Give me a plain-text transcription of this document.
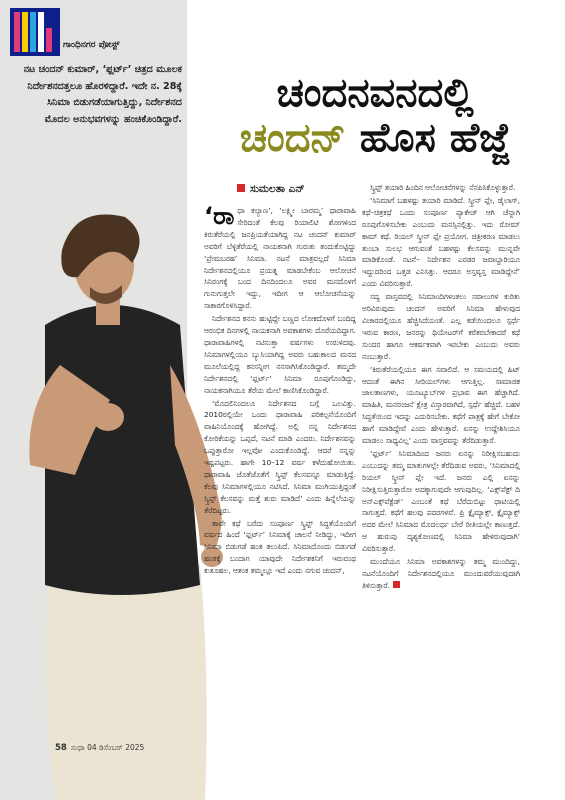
ಗಾಂಧಿನಗರ ಪೋಸ್ಟ್

ನಟ ಚಂದನ್ ಕುಮಾರ್, ‘ಫ್ಲರ್ಟ್’ ಚಿತ್ರದ ಮೂಲಕ ನಿರ್ದೇಶನದತ್ತಲೂ ಹೊರಳಿದ್ದಾರೆ. ಇದೇ ನ. 28ಕ್ಕೆ ಸಿನಿಮಾ ಬಿಡುಗಡೆಯಾಗುತ್ತಿದ್ದು, ನಿರ್ದೇಶನದ ಮೊದಲ ಅನುಭವಗಳನ್ನು ಹಂಚಿಕೊಂಡಿದ್ದಾರೆ.

ಚಂದನವನದಲ್ಲಿ
ಚಂದನ್ ಹೊಸ ಹೆಜ್ಜೆ
ಸುಮಲತಾ ಎನ್

‘ರಾಧಾ ಕಲ್ಯಾಣ’, ‘ಲಕ್ಷ್ಮೀ ಬಾರಮ್ಮ’ ಧಾರಾವಾಹಿ ಸೇರಿದಂತೆ ಕೆಲವು ರಿಯಾಲಿಟಿ ಶೋಗಳಿಂದ ಕಿರುತೆರೆಯಲ್ಲಿ ಜನಪ್ರಿಯತೆಯಾಗಿದ್ದ ನಟ ಚಂದನ್ ಕುಮಾರ್ ಅವರಿಗೆ ಬೆಳ್ಳಿತೆರೆಯಲ್ಲಿ ನಾಯಕನಾಗಿ ಗುರುತು ತಂದುಕೊಟ್ಟಿದ್ದು ‘ಪ್ರೇಮಬರಹ’ ಸಿನಿಮಾ. ನಟನೆ ಮಾತ್ರವಲ್ಲದೆ ಸಿನಿಮಾ ನಿರ್ದೇಶನದಲ್ಲಿಯೂ ಪ್ರಯತ್ನ ಮಾಡಬೇಕೆಂಬ ಆಲೋಚನೆ ಸಿನಿರಂಗಕ್ಕೆ ಬಂದ ದಿನದಿಂದಲೂ ಅವರ ಮನದೊಳಗೆ ಗುನುಗುತ್ತಲೇ ಇದ್ದು, ಇದೀಗ ಆ ಆಲೋಚನೆಯನ್ನು ಸಾಕಾರಗೊಳಿಸಿದ್ದಾರೆ.

ನಿರ್ದೇಶನದ ಕನಸು ಹುಟ್ಟಿದ್ದೇ ಬಣ್ಣದ ಲೋಕದೊಳಗೆ ಬಂದಿದ್ದ ಆರಂಭಿಕ ದಿನಗಳಲ್ಲಿ ನಾಯಕನಾಗಿ ಅವಕಾಶಗಳು ದೊರೆಯದಿದ್ದಾಗ. ಧಾರಾವಾಹಿಗಳಲ್ಲಿ ನಟಿಸುತ್ತಾ ವರ್ಷಗಳು ಉರುಳಿದವು. ಸಿನಿಮಾಗಳಲ್ಲಿಯೂ ಬ್ಯುಸಿಯಾಗಿದ್ದ ಅವರು ಬಹುಕಾಲದ ಮನದ ಮೂಲೆಯಲ್ಲಿದ್ದ ಕನಸನ್ನೀಗ ನನಸಾಗಿಸಿಕೊಂಡಿದ್ದಾರೆ. ತಮ್ಮದೇ ನಿರ್ದೇಶನದಲ್ಲಿ ‘ಫ್ಲರ್ಟ್’ ಸಿನಿಮಾ ರೂಪುಗೊಂಡಿದ್ದು, ನಾಯಕನಾಗಿಯೂ ತೆರೆಯ ಮೇಲೆ ಕಾಣಿಸಿಕೊಂಡಿದ್ದಾರೆ.

‘ಮೊದಲಿನಿಂದಲೂ ನಿರ್ದೇಶನದ ಬಗ್ಗೆ ಒಲವಿತ್ತು. 2010ರಲ್ಲಿಯೇ ಒಂದು ಧಾರಾವಾಹಿ ಪರಿಕಲ್ಪನೆಯೊಂದಿಗೆ ವಾಹಿನಿಯೊಂದಕ್ಕೆ ಹೋಗಿದ್ದೆ. ಅಲ್ಲಿ ನನ್ನ ನಿರ್ದೇಶನದ ಕೋರಿಕೆಯನ್ನು ಒಪ್ಪದೆ, ನಟನೆ ಮಾಡಿ ಎಂದರು. ನಿರ್ದೇಶನವನ್ನು ಒಪ್ಪುತ್ತಾರೋ ಇಲ್ಲವೋ ಎಂದುಕೊಂಡಿದ್ದೆ. ಆದರೆ ನನ್ನನ್ನು ಇಷ್ಟಪಟ್ಟರು. ಹಾಗೇ 10–12 ವರ್ಷ ಕಳೆದುಹೋಯಿತು. ಧಾರಾವಾಹಿ ಜೊತೆಜೊತೆಗೆ ಸ್ಕ್ರಿಪ್ಟ್ ಕೆಲಸವನ್ನೂ ಮಾಡುತ್ತಿದ್ದೆ. ಕೆಲವು ಸಿನಿಮಾಗಳಲ್ಲಿಯೂ ನಟಿಸಿದೆ. ಸಿನಿಮಾ ಮುಗಿಯುತ್ತಿದ್ದಂತೆ ಸ್ಕ್ರಿಪ್ಟ್ ಕೆಲಸವನ್ನು ಮತ್ತೆ ಶುರು ಮಾಡಿದೆ’ ಎಂದು ಹಿನ್ನೆಲೆಯನ್ನು ತೆರೆದಿಟ್ಟರು.

ತಾವೇ ಕಥೆ ಬರೆದು ಸಂಪೂರ್ಣ ಸ್ಕ್ರಿಪ್ಟ್ ಸಿದ್ಧತೆಯೊಂದಿಗೆ ವರ್ಷದ ಹಿಂದೆ ‘ಫ್ಲರ್ಟ್’ ಸಿನಿಮಾಕ್ಕೆ ಚಾಲನೆ ನೀಡಿದ್ದು, ಇದೀಗ ಸಿನಿಮಾ ಬಿಡುಗಡೆ ಹಂತ ತಲುಪಿದೆ. ಸಿನಿಮಾದೊಂದು ಬಿಡುಗಡೆ ಹಂತಕ್ಕೆ ಬಂದಾಗ ಯಾವುದೇ ನಿರ್ದೇಶಕನಿಗೆ ಇರುವಂಥ ಕುತೂಹಲ, ಆತಂಕ ತಮ್ಮಲ್ಲೂ ಇದೆ ಎಂದು ನಗುವ ಚಂದನ್,

ಸ್ಕ್ರಿಪ್ಟ್ ತಯಾರಿ ಹಿಂದಿನ ಆಲೋಚನೆಗಳನ್ನು ನೆನಪಿಸಿಕೊಳ್ಳುತ್ತಾರೆ.

‘ಸಿನಿಮಾಗೆ ಬಹಳಷ್ಟು ತಯಾರಿ ಮಾಡಿದೆ. ಸ್ಕ್ರೀನ್ ಪ್ಲೇ, ಡೈಲಾಗ್, ಕಥೆ–ಚಿತ್ರಕಥೆ ಒಂದು ಸಂಪೂರ್ಣ ಪ್ಯಾಕೇಜ್ ಆಗಿ ಚೆನ್ನಾಗಿ ರೂಪುಗೊಳಿಸಬೇಕು ಎಂಬುದು ಮನಸ್ಸಿನಲ್ಲಿತ್ತು. ಇದು ರೋಮ್ ಕಾಮ್ ಕಥೆ. ರಿಯಲ್ ಸ್ಕ್ರೀನ್ ಪ್ಲೇ ಪ್ರಯೋಗ. ಚಿತ್ರೀಕರಣ ಮಾಡಲು ತುಂಬಾ ಸುಲಭ ಆಗುವಂತೆ ಬಹಳಷ್ಟು ಕೆಲಸವನ್ನು ಮುನ್ನವೇ ಮಾಡಿಕೊಂಡೆ. ನಟನೆ– ನಿರ್ದೇಶನ ಎರಡರ ಜವಾಬ್ದಾರಿಯೂ ಇದ್ದುದರಿಂದ ಒತ್ತಡ ಎನಿಸಿತ್ತು. ಆದರೂ ಅಸ್ತವ್ಯಸ್ತ ಮಾಡಿದ್ದೇನೆ’ ಎಂದು ವಿವರಿಸುತ್ತಾರೆ.

ಸದ್ಯ ವಾಸ್ತವದಲ್ಲಿ ಸಿನಿಮಾಂದಿಗಳಂತಲು ಸವಾಲುಗಳ ಕುರಿತು ಅರಿವಿರುವುದು ಚಂದನ್ ಅವರಿಗೆ ಸಿನಿಮಾ ಹೇಳುವುದ ವಿಚಾರದಲ್ಲಿಯೂ ಹೆಚ್ಚಿಸಿದೆಯಂತೆ. ಎಲ್ಲ ಕಡೆಯಿಂದಲೂ ಸ್ಪರ್ಧೆ ಇರುವ ಕಾರಣ, ಜನರನ್ನು ಥಿಯೇಟರ್‌ಗೆ ಕರೆತರಬೇಕಾದರೆ ಕಥೆ ಸುಂದರ ಹಾಗೂ ಆಕರ್ಷಕವಾಗಿ ಇರಬೇಕು ಎಂಬುದು ಅವರು ನಂಬುತ್ತಾರೆ.

‘ಕಿರುತೆರೆಯಲ್ಲಿಯೂ ಈಗ ಸವಾಲಿದೆ. ಆ ಸಮಯದಲ್ಲಿ ಹಿಟ್ ಆದಂತೆ ಈಗಿನ ಸೀರಿಯಲ್‌ಗಳು ಆಗುತ್ತಿಲ್ಲ. ಸಾಮಾಜಿಕ ಜಾಲತಾಣಗಳು, ಯೂಟ್ಯೂಬ್‌ಗಳ ಪ್ರಭಾವ ಈಗ ಹೆಚ್ಚಾಗಿದೆ. ಮಾಹಿತಿ, ಮನರಂಜನೆ ಕ್ಷೇತ್ರ ವಿಸ್ತಾರವಾಗಿದೆ, ಸ್ಪರ್ಧೆ ಹೆಚ್ಚಿದೆ. ಬಹಳ ಸಿದ್ಧತೆಯಿಂದ ಇದನ್ನು ಎದುರಿಸಬೇಕು. ಕಥೆಗೆ ಪಾತ್ರಕ್ಕೆ ಹೇಗೆ ಬೇಕೋ ಹಾಗೆ ಮಾಡಿದ್ದೇವೆ ಎಂದು ಹೇಳುತ್ತಾರೆ. ಏನನ್ನು ಉದ್ದೇಶಿಸಿಯೂ ಮಾಡಲು ಸಾಧ್ಯವಿಲ್ಲ’ ಎಂದು ವಾಸ್ತವವನ್ನು ತೆರೆದಿಡುತ್ತಾರೆ.

‘ಫ್ಲರ್ಟ್’ ಸಿನಿಮಾದಿಂದ ಜನರು ಏನನ್ನು ನಿರೀಕ್ಷಿಸಬಹುದು ಎಂಬುದನ್ನು ತಮ್ಮ ಮಾತುಗಳಲ್ಲೇ ತೆರೆದಿಡುವ ಅವರು, ‘ಸಿನಿಮಾದಲ್ಲಿ ರಿಯಲ್ ಸ್ಕ್ರೀನ್ ಪ್ಲೇ ಇದೆ. ಜನರು ಎಲ್ಲಿ ಏನನ್ನು ನಿರೀಕ್ಷಿಸುತ್ತಿರುತ್ತಾರೋ ಅದಕ್ಕಾಗುವುದೇ ಆಗುವುದಿಲ್ಲ. ‘ಎಕ್ಸ್‌ಪೆಕ್ಟ್ ದಿ ಅನ್‌ಎಕ್ಸ್‌ಪೆಕ್ಟೆಡ್’ ಎಂಬಂತೆ ಕಥೆ ಬೆರೆದುಬಿಟ್ಟು ಧಾಟಿಯಲ್ಲಿ ಸಾಗುತ್ತದೆ. ಕಥೆಗೆ ಹಲವು ಪದರಗಳಿವೆ. ಪ್ರಿ ಕ್ಲೈಮ್ಯಾಕ್ಸ್, ಕ್ಲೈಮ್ಯಾಕ್ಸ್ ಅದರ ಮೇಲೆ ಸಿನಿಮಾದ ಮೊದಲರ್ಧ ಬೇರೆ ರೀತಿಯಲ್ಲೇ ಕಾಣುತ್ತದೆ. ಆ ಹುರುಪು ದೃಶ್ಯಕೋಣದಲ್ಲಿ ಸಿನಿಮಾ ಹೇಳಿರುವುದಾಗಿ’ ವಿವರಿಸುತ್ತಾರೆ.

ಮುಂದೆಯೂ ಸಿನಿಮಾ ಅವಕಾಶಗಳನ್ನು ತಮ್ಮ ಮುಂದಿದ್ದು, ನಟನೆಯೊಂದಿಗೆ ನಿರ್ದೇಶನದಲ್ಲಿಯೂ ಮುಂದುವರೆಯುವುದಾಗಿ ತಿಳಿಸುತ್ತಾರೆ.

58 ಸುಧಾ 04 ಡಿಸೆಂಬರ್ 2025
